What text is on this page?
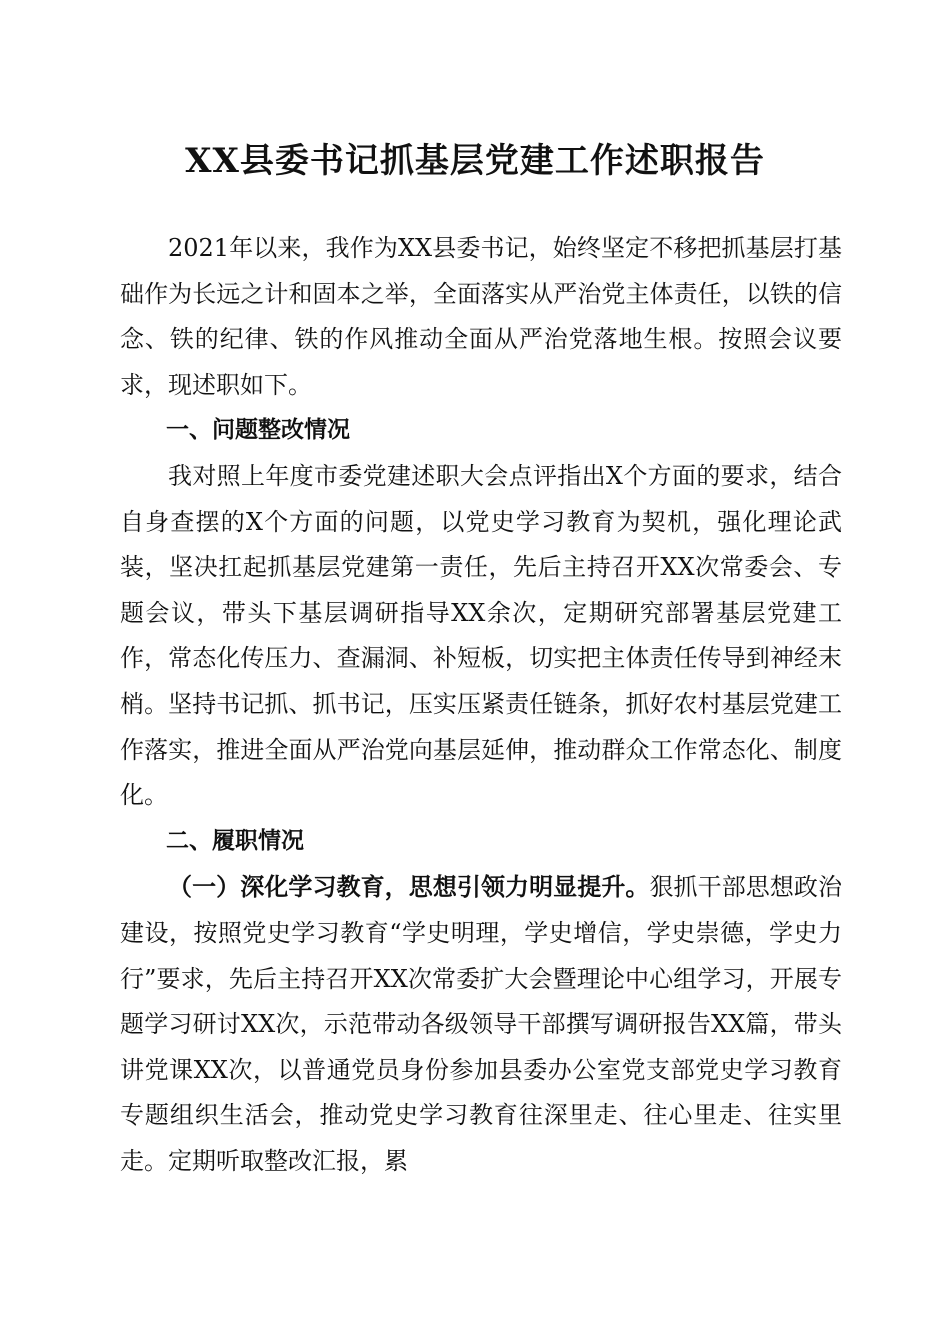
XX县委书记抓基层党建工作述职报告

2021年以来，我作为XX县委书记，始终坚定不移把抓基层打基础作为长远之计和固本之举，全面落实从严治党主体责任，以铁的信念、铁的纪律、铁的作风推动全面从严治党落地生根。按照会议要求，现述职如下。

一、问题整改情况

我对照上年度市委党建述职大会点评指出X个方面的要求，结合自身查摆的X个方面的问题，以党史学习教育为契机，强化理论武装，坚决扛起抓基层党建第一责任，先后主持召开XX次常委会、专题会议，带头下基层调研指导XX余次，定期研究部署基层党建工作，常态化传压力、查漏洞、补短板，切实把主体责任传导到神经末梢。坚持书记抓、抓书记，压实压紧责任链条，抓好农村基层党建工作落实，推进全面从严治党向基层延伸，推动群众工作常态化、制度化。

二、履职情况

（一）深化学习教育，思想引领力明显提升。狠抓干部思想政治建设，按照党史学习教育“学史明理，学史增信，学史崇德，学史力行”要求，先后主持召开XX次常委扩大会暨理论中心组学习，开展专题学习研讨XX次，示范带动各级领导干部撰写调研报告XX篇，带头讲党课XX次，以普通党员身份参加县委办公室党支部党史学习教育专题组织生活会，推动党史学习教育往深里走、往心里走、往实里走。定期听取整改汇报，累
